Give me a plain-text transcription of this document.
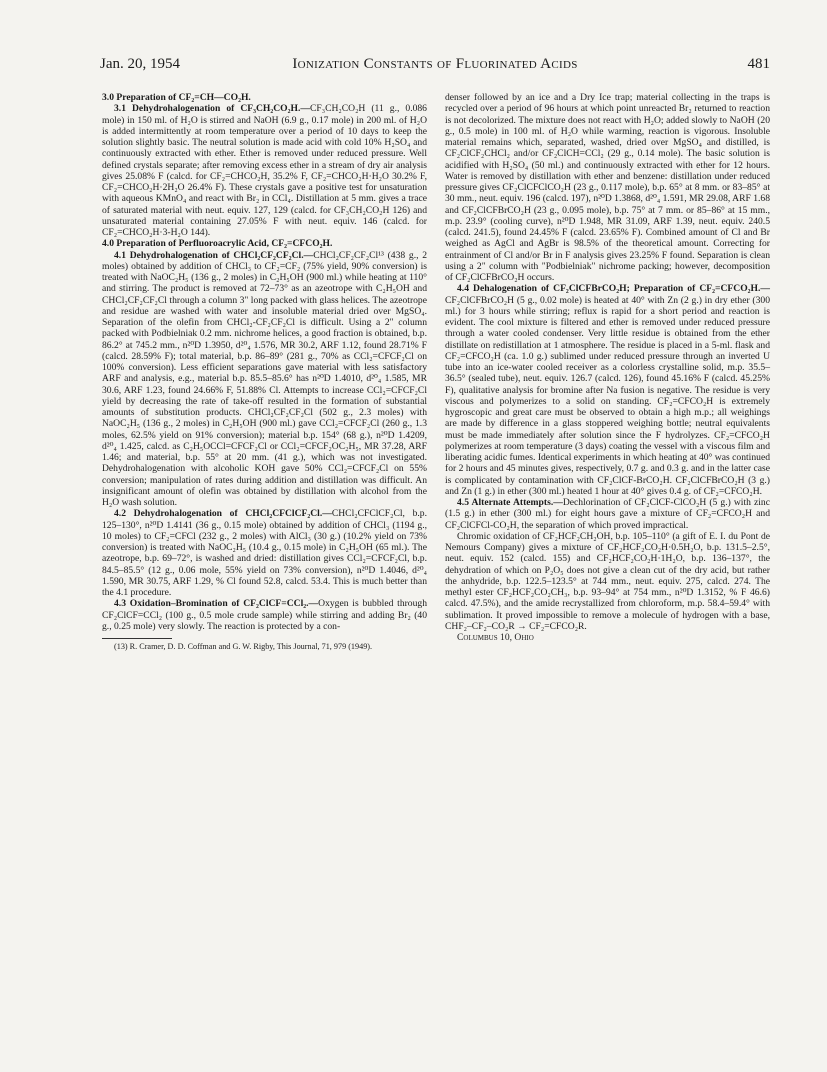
Jan. 20, 1954	Ionization Constants of Fluorinated Acids	481

3.0 Preparation of CF₂=CH—CO₂H.

3.1 Dehydrohalogenation of CF₃CH₂CO₂H.—CF₃CH₂CO₂H (11 g., 0.086 mole) in 150 ml. of H₂O is stirred and NaOH (6.9 g., 0.17 mole) in 200 ml. of H₂O is added intermittently at room temperature over a period of 10 days to keep the solution slightly basic. The neutral solution is made acid with cold 10% H₂SO₄ and continuously extracted with ether. Ether is removed under reduced pressure. Well defined crystals separate; after removing excess ether in a stream of dry air analysis gives 25.08% F (calcd. for CF₂=CHCO₂H, 35.2% F, CF₂=CHCO₂H·H₂O 30.2% F, CF₂=CHCO₂H·2H₂O 26.4% F). These crystals gave a positive test for unsaturation with aqueous KMnO₄ and react with Br₂ in CCl₄. Distillation at 5 mm. gives a trace of saturated material with neut. equiv. 127, 129 (calcd. for CF₃CH₂CO₂H 126) and unsaturated material containing 27.05% F with neut. equiv. 146 (calcd. for CF₂=CHCO₂H·3-H₂O 144).

4.0 Preparation of Perfluoroacrylic Acid, CF₂=CFCO₂H.

4.1 Dehydrohalogenation of CHCl₂CF₂CF₂Cl.—CHCl₂CF₂CF₂Cl¹³ (438 g., 2 moles) obtained by addition of CHCl₃ to CF₂=CF₂ (75% yield, 90% conversion) is treated with NaOC₂H₅ (136 g., 2 moles) in C₂H₅OH (900 ml.) while heating at 110° and stirring. The product is removed at 72–73° as an azeotrope with C₂H₅OH and CHCl₂CF₂CF₂Cl through a column 3" long packed with glass helices. The azeotrope and residue are washed with water and insoluble material dried over MgSO₄. Separation of the olefin from CHCl₂-CF₂CF₂Cl is difficult. Using a 2" column packed with Podbielniak 0.2 mm. nichrome helices, a good fraction is obtained, b.p. 86.2° at 745.2 mm., n²⁰D 1.3950, d²⁰₄ 1.576, MR 30.2, ARF 1.12, found 28.71% F (calcd. 28.59% F); total material, b.p. 86–89° (281 g., 70% as CCl₂=CFCF₂Cl on 100% conversion). Less efficient separations gave material with less satisfactory ARF and analysis, e.g., material b.p. 85.5–85.6° has n²⁰D 1.4010, d²⁰₄ 1.585, MR 30.6, ARF 1.23, found 24.66% F, 51.88% Cl. Attempts to increase CCl₂=CFCF₂Cl yield by decreasing the rate of take-off resulted in the formation of substantial amounts of substitution products. CHCl₂CF₂CF₂Cl (502 g., 2.3 moles) with NaOC₂H₅ (136 g., 2 moles) in C₂H₅OH (900 ml.) gave CCl₂=CFCF₂Cl (260 g., 1.3 moles, 62.5% yield on 91% conversion); material b.p. 154° (68 g.), n²⁰D 1.4209, d²⁰₄ 1.425, calcd. as C₂H₅OCCl=CFCF₂Cl or CCl₂=CFCF₂OC₂H₅, MR 37.28, ARF 1.46; and material, b.p. 55° at 20 mm. (41 g.), which was not investigated. Dehydrohalogenation with alcoholic KOH gave 50% CCl₂=CFCF₂Cl on 55% conversion; manipulation of rates during addition and distillation was difficult. An insignificant amount of olefin was obtained by distillation with alcohol from the H₂O wash solution.

4.2 Dehydrohalogenation of CHCl₂CFClCF₂Cl.—CHCl₂CFClCF₂Cl, b.p. 125–130°, n²⁰D 1.4141 (36 g., 0.15 mole) obtained by addition of CHCl₃ (1194 g., 10 moles) to CF₂=CFCl (232 g., 2 moles) with AlCl₃ (30 g.) (10.2% yield on 73% conversion) is treated with NaOC₂H₅ (10.4 g., 0.15 mole) in C₂H₅OH (65 ml.). The azeotrope, b.p. 69–72°, is washed and dried: distillation gives CCl₂=CFCF₂Cl, b.p. 84.5–85.5° (12 g., 0.06 mole, 55% yield on 73% conversion), n²⁰D 1.4046, d²⁰₄ 1.590, MR 30.75, ARF 1.29, % Cl found 52.8, calcd. 53.4. This is much better than the 4.1 procedure.

4.3 Oxidation–Bromination of CF₂ClCF=CCl₂.—Oxygen is bubbled through CF₂ClCF=CCl₂ (100 g., 0.5 mole crude sample) while stirring and adding Br₂ (40 g., 0.25 mole) very slowly. The reaction is protected by a con-

(13) R. Cramer, D. D. Coffman and G. W. Rigby, This Journal, 71, 979 (1949).

denser followed by an ice and a Dry Ice trap; material collecting in the traps is recycled over a period of 96 hours at which point unreacted Br₂ returned to reaction is not decolorized. The mixture does not react with H₂O; added slowly to NaOH (20 g., 0.5 mole) in 100 ml. of H₂O while warming, reaction is vigorous. Insoluble material remains which, separated, washed, dried over MgSO₄ and distilled, is CF₂ClCF₂CHCl₂ and/or CF₂ClCH=CCl₂ (29 g., 0.14 mole). The basic solution is acidified with H₂SO₄ (50 ml.) and continuously extracted with ether for 12 hours. Water is removed by distillation with ether and benzene: distillation under reduced pressure gives CF₂ClCFClCO₂H (23 g., 0.117 mole), b.p. 65° at 8 mm. or 83–85° at 30 mm., neut. equiv. 196 (calcd. 197), n²⁰D 1.3868, d²⁰₄ 1.591, MR 29.08, ARF 1.68 and CF₂ClCFBrCO₂H (23 g., 0.095 mole), b.p. 75° at 7 mm. or 85–86° at 15 mm., m.p. 23.9° (cooling curve), n²⁰D 1.948, MR 31.09, ARF 1.39, neut. equiv. 240.5 (calcd. 241.5), found 24.45% F (calcd. 23.65% F). Combined amount of Cl and Br weighed as AgCl and AgBr is 98.5% of the theoretical amount. Correcting for entrainment of Cl and/or Br in F analysis gives 23.25% F found. Separation is clean using a 2" column with "Podbielniak" nichrome packing; however, decomposition of CF₂ClCFBrCO₂H occurs.

4.4 Dehalogenation of CF₂ClCFBrCO₂H; Preparation of CF₂=CFCO₂H.—CF₂ClCFBrCO₂H (5 g., 0.02 mole) is heated at 40° with Zn (2 g.) in dry ether (300 ml.) for 3 hours while stirring; reflux is rapid for a short period and reaction is evident. The cool mixture is filtered and ether is removed under reduced pressure through a water cooled condenser. Very little residue is obtained from the ether distillate on redistillation at 1 atmosphere. The residue is placed in a 5-ml. flask and CF₂=CFCO₂H (ca. 1.0 g.) sublimed under reduced pressure through an inverted U tube into an ice-water cooled receiver as a colorless crystalline solid, m.p. 35.5–36.5° (sealed tube), neut. equiv. 126.7 (calcd. 126), found 45.16% F (calcd. 45.25% F), qualitative analysis for bromine after Na fusion is negative. The residue is very viscous and polymerizes to a solid on standing. CF₂=CFCO₂H is extremely hygroscopic and great care must be observed to obtain a high m.p.; all weighings are made by difference in a glass stoppered weighing bottle; neutral equivalents must be made immediately after solution since the F hydrolyzes. CF₂=CFCO₂H polymerizes at room temperature (3 days) coating the vessel with a viscous film and liberating acidic fumes. Identical experiments in which heating at 40° was continued for 2 hours and 45 minutes gives, respectively, 0.7 g. and 0.3 g. and in the latter case is complicated by contamination with CF₂ClCF-BrCO₂H. CF₂ClCFBrCO₂H (3 g.) and Zn (1 g.) in ether (300 ml.) heated 1 hour at 40° gives 0.4 g. of CF₂=CFCO₂H.

4.5 Alternate Attempts.—Dechlorination of CF₂ClCF-ClCO₂H (5 g.) with zinc (1.5 g.) in ether (300 ml.) for eight hours gave a mixture of CF₂=CFCO₂H and CF₂ClCFCl-CO₂H, the separation of which proved impractical.

Chromic oxidation of CF₂HCF₂CH₂OH, b.p. 105–110° (a gift of E. I. du Pont de Nemours Company) gives a mixture of CF₂HCF₂CO₂H·0.5H₂O, b.p. 131.5–2.5°, neut. equiv. 152 (calcd. 155) and CF₂HCF₂CO₂H·1H₂O, b.p. 136–137°, the dehydration of which on P₂O₅ does not give a clean cut of the dry acid, but rather the anhydride, b.p. 122.5–123.5° at 744 mm., neut. equiv. 275, calcd. 274. The methyl ester CF₂HCF₂CO₂CH₃, b.p. 93–94° at 754 mm., n²⁰D 1.3152, % F 46.6) calcd. 47.5%), and the amide recrystallized from chloroform, m.p. 58.4–59.4° with sublimation. It proved impossible to remove a molecule of hydrogen with a base, CHF₂–CF₂–CO₂R → CF₂=CFCO₂R.

Columbus 10, Ohio
